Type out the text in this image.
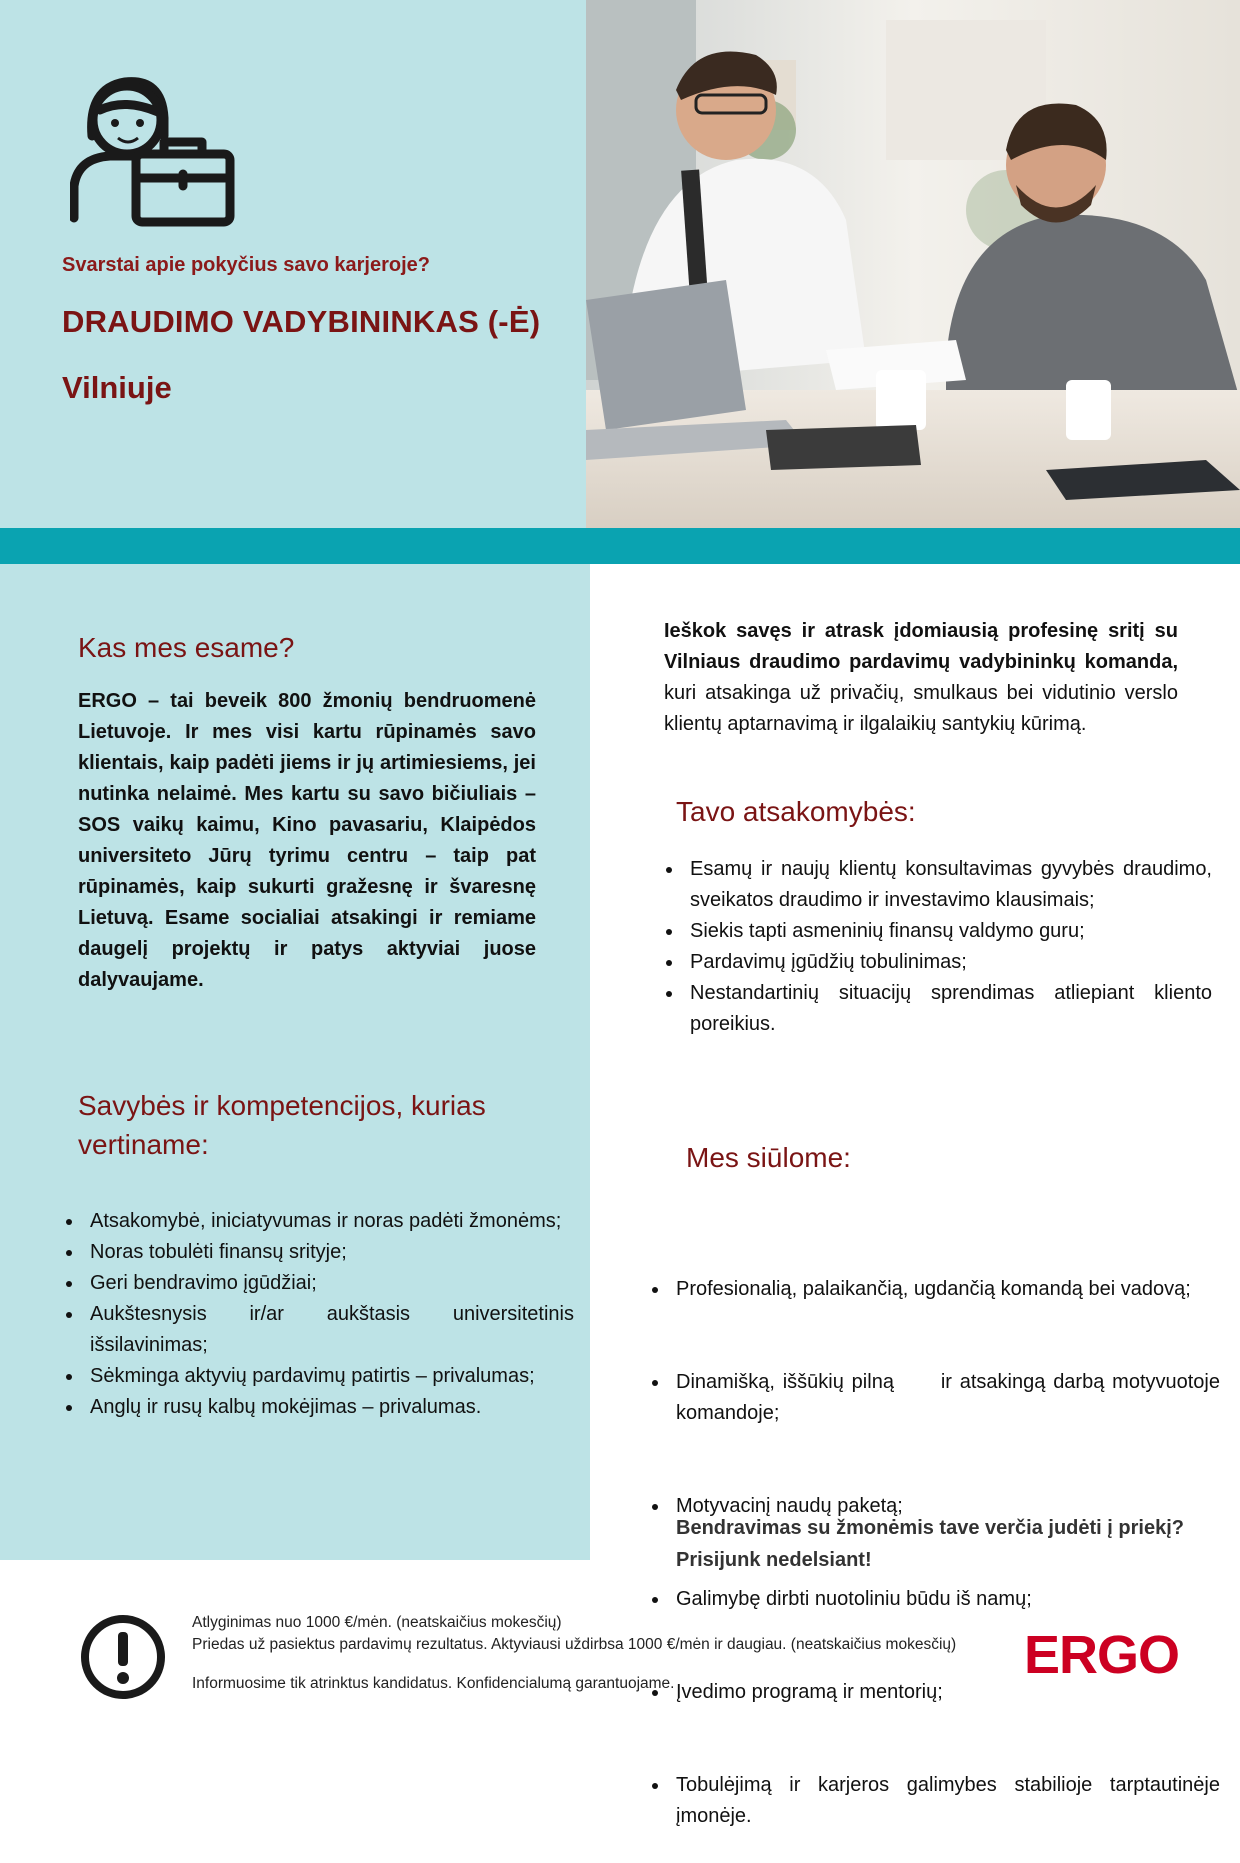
Svarstai apie pokyčius savo karjeroje?
DRAUDIMO VADYBININKAS (-Ė)
Vilniuje
Kas mes esame?

ERGO – tai beveik 800 žmonių bendruomenė Lietuvoje. Ir mes visi kartu rūpinamės savo klientais, kaip padėti jiems ir jų artimiesiems, jei nutinka nelaimė. Mes kartu su savo bičiuliais – SOS vaikų kaimu, Kino pavasariu, Klaipėdos universiteto Jūrų tyrimu centru – taip pat rūpinamės, kaip sukurti gražesnę ir švaresnę Lietuvą. Esame socialiai atsakingi ir remiame daugelį projektų ir patys aktyviai juose dalyvaujame.

Savybės ir kompetencijos, kurias vertiname:
• Atsakomybė, iniciatyvumas ir noras padėti žmonėms;
• Noras tobulėti finansų srityje;
• Geri bendravimo įgūdžiai;
• Aukštesnysis ir/ar aukštasis universitetinis išsilavinimas;
• Sėkminga aktyvių pardavimų patirtis – privalumas;
• Anglų ir rusų kalbų mokėjimas – privalumas.

Ieškok savęs ir atrask įdomiausią profesinę sritį su Vilniaus draudimo pardavimų vadybininkų komanda, kuri atsakinga už privačių, smulkaus bei vidutinio verslo klientų aptarnavimą ir ilgalaikių santykių kūrimą.

Tavo atsakomybės:
• Esamų ir naujų klientų konsultavimas gyvybės draudimo, sveikatos draudimo ir investavimo klausimais;
• Siekis tapti asmeninių finansų valdymo guru;
• Pardavimų įgūdžių tobulinimas;
• Nestandartinių situacijų sprendimas atliepiant kliento poreikius.
Mes siūlome:

• Profesionalią, palaikančią, ugdančią komandą bei vadovą;

• Dinamišką, iššūkių pilną      ir atsakingą darbą motyvuotoje komandoje;

• Motyvacinį naudų paketą;

• Galimybę dirbti nuotoliniu būdu iš namų;

• Įvedimo programą ir mentorių;

• Tobulėjimą ir karjeros galimybes stabilioje tarptautinėje įmonėje.

Bendravimas su žmonėmis tave verčia judėti į priekį? Prisijunk nedelsiant!

Atlyginimas nuo 1000 €/mėn. (neatskaičius mokesčių)

Priedas už pasiektus pardavimų rezultatus. Aktyviausi uždirbsa 1000 €/mėn ir daugiau. (neatskaičius mokesčių)

Informuosime tik atrinktus kandidatus. Konfidencialumą garantuojame.	ERGO
